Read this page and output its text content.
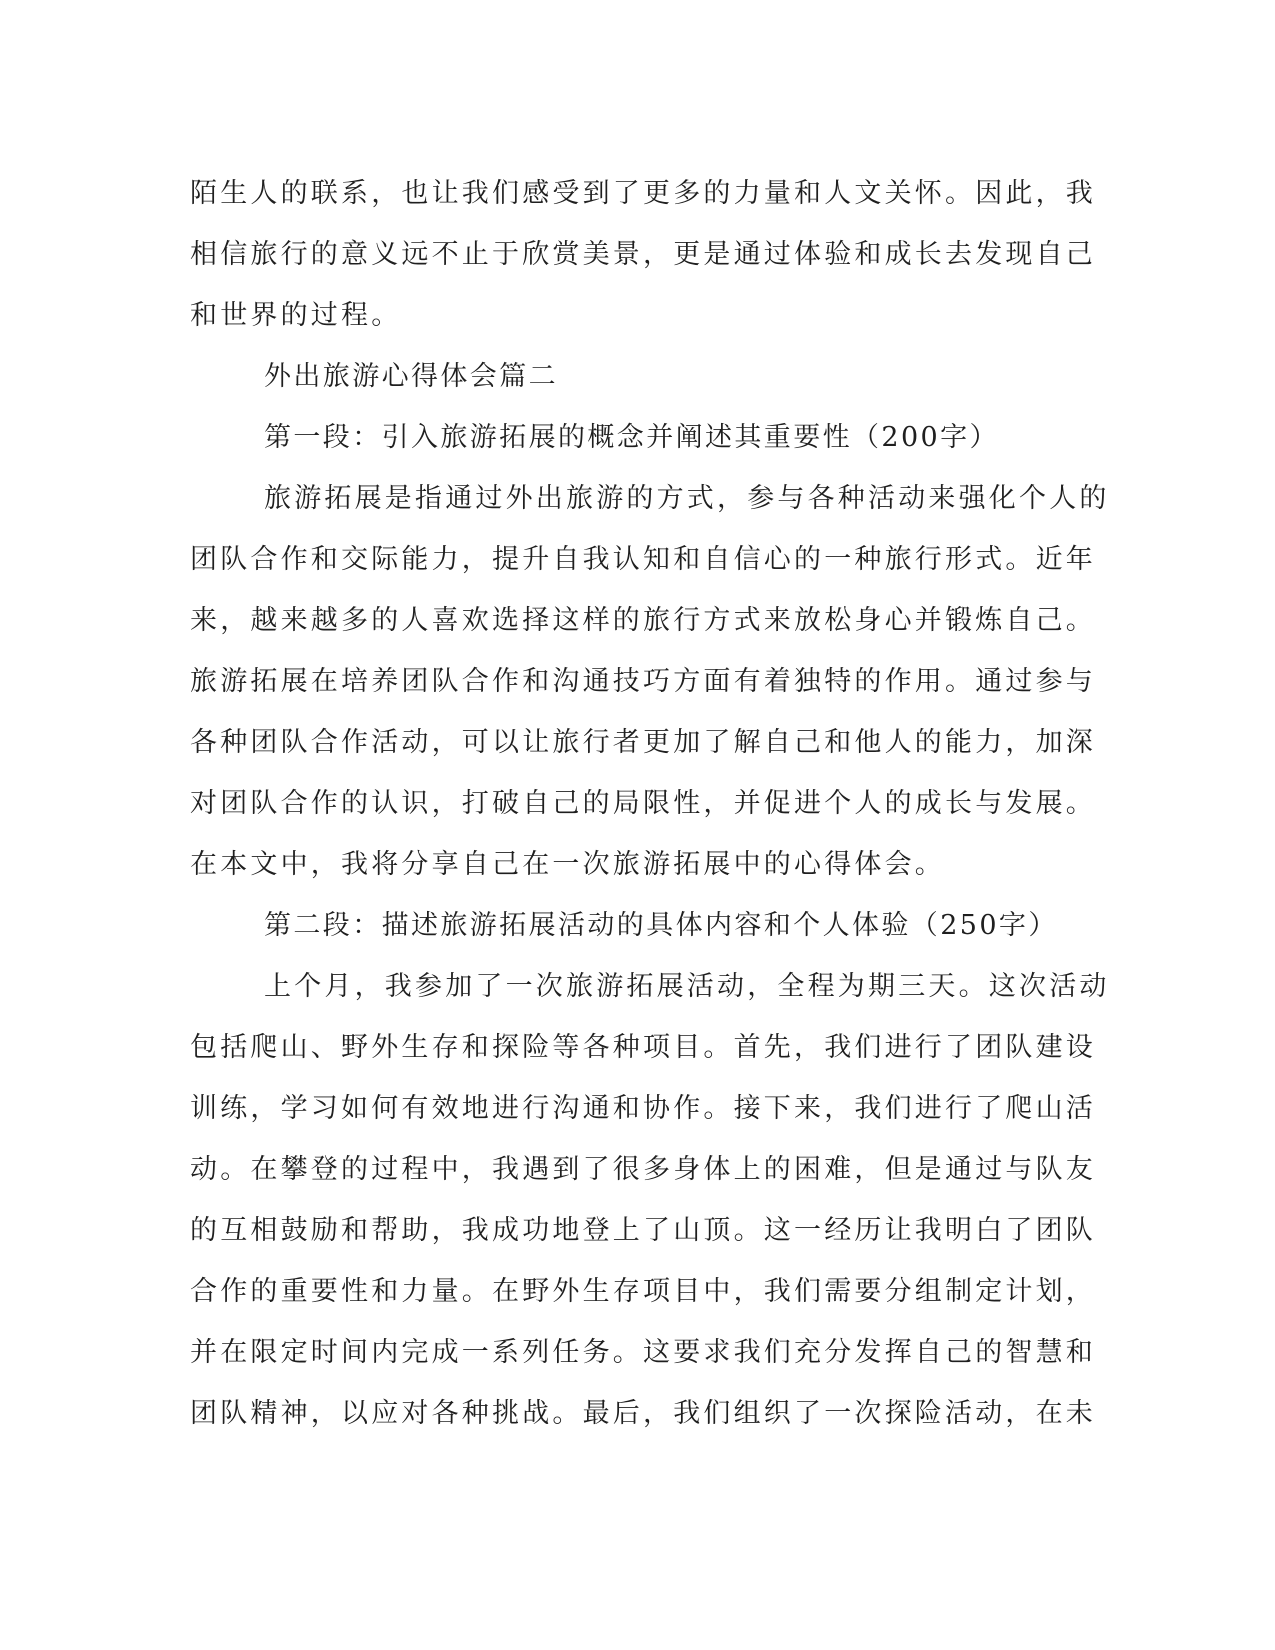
陌生人的联系，也让我们感受到了更多的力量和人文关怀。因此，我
相信旅行的意义远不止于欣赏美景，更是通过体验和成长去发现自己
和世界的过程。
外出旅游心得体会篇二
第一段：引入旅游拓展的概念并阐述其重要性（200字）
旅游拓展是指通过外出旅游的方式，参与各种活动来强化个人的
团队合作和交际能力，提升自我认知和自信心的一种旅行形式。近年
来，越来越多的人喜欢选择这样的旅行方式来放松身心并锻炼自己。
旅游拓展在培养团队合作和沟通技巧方面有着独特的作用。通过参与
各种团队合作活动，可以让旅行者更加了解自己和他人的能力，加深
对团队合作的认识，打破自己的局限性，并促进个人的成长与发展。
在本文中，我将分享自己在一次旅游拓展中的心得体会。
第二段：描述旅游拓展活动的具体内容和个人体验（250字）
上个月，我参加了一次旅游拓展活动，全程为期三天。这次活动
包括爬山、野外生存和探险等各种项目。首先，我们进行了团队建设
训练，学习如何有效地进行沟通和协作。接下来，我们进行了爬山活
动。在攀登的过程中，我遇到了很多身体上的困难，但是通过与队友
的互相鼓励和帮助，我成功地登上了山顶。这一经历让我明白了团队
合作的重要性和力量。在野外生存项目中，我们需要分组制定计划，
并在限定时间内完成一系列任务。这要求我们充分发挥自己的智慧和
团队精神，以应对各种挑战。最后，我们组织了一次探险活动，在未
